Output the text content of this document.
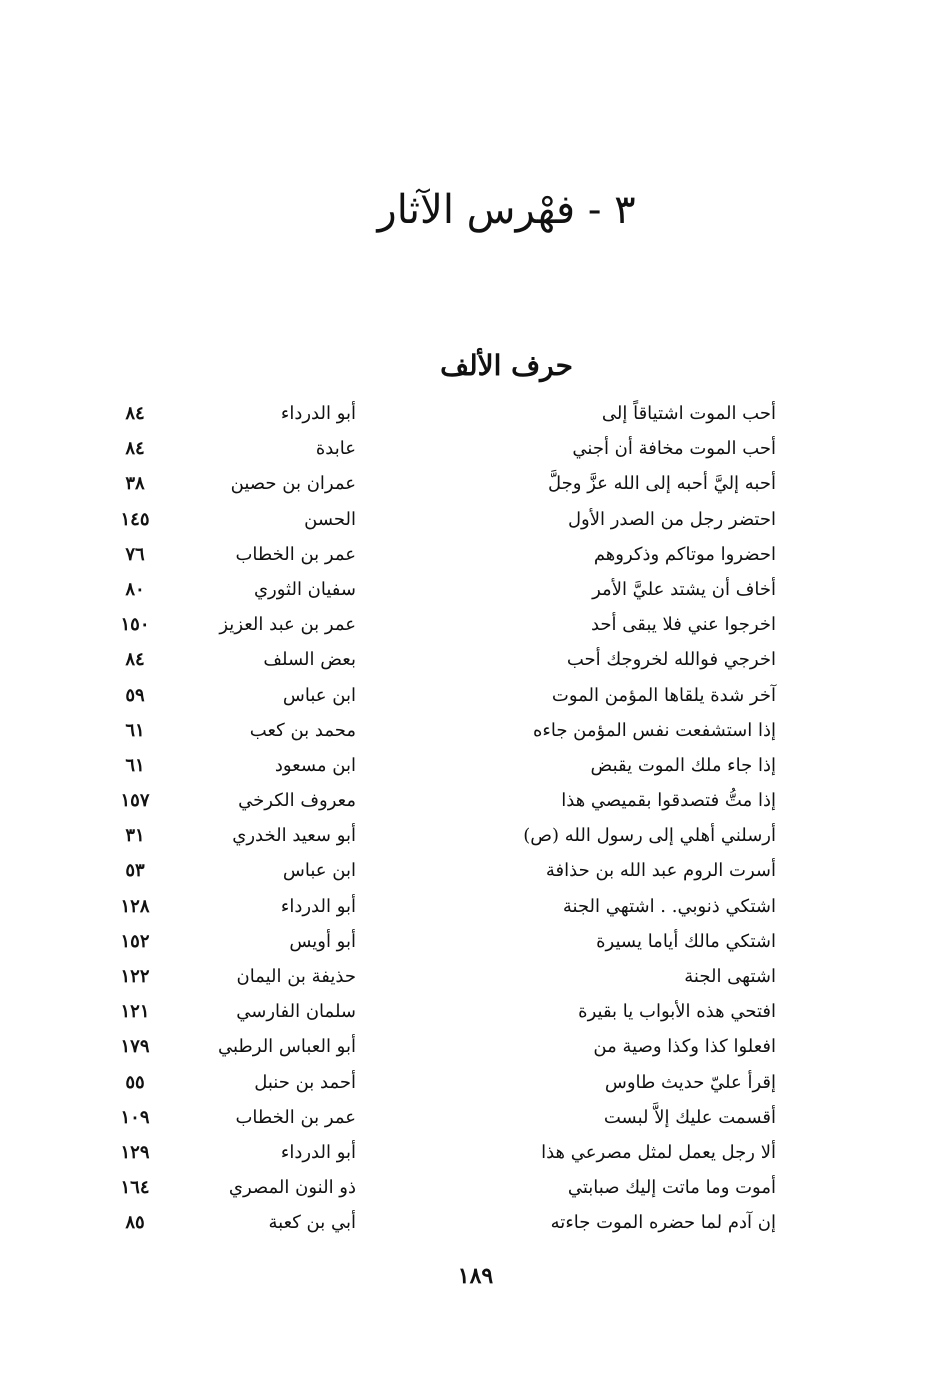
٣ - فهْرس الآثار
حرف الألف
أحب الموت اشتياقاً إلى
أبو الدرداء
٨٤
أحب الموت مخافة أن أجني
عابدة
٨٤
أحبه إليَّ أحبه إلى الله عزَّ وجلَّ
عمران بن حصين
٣٨
احتضر رجل من الصدر الأول
الحسن
١٤٥
احضروا موتاكم وذكروهم
عمر بن الخطاب
٧٦
أخاف أن يشتد عليَّ الأمر
سفيان الثوري
٨٠
اخرجوا عني فلا يبقى أحد
عمر بن عبد العزيز
١٥٠
اخرجي فوالله لخروجك أحب
بعض السلف
٨٤
آخر شدة يلقاها المؤمن الموت
ابن عباس
٥٩
إذا استشفعت نفس المؤمن جاءه
محمد بن كعب
٦١
إذا جاء ملك الموت يقبض
ابن مسعود
٦١
إذا متُّ فتصدقوا بقميصي هذا
معروف الكرخي
١٥٧
أرسلني أهلي إلى رسول الله (ص)
أبو سعيد الخدري
٣١
أسرت الروم عبد الله بن حذافة
ابن عباس
٥٣
اشتكي ذنوبي. . اشتهي الجنة
أبو الدرداء
١٢٨
اشتكي مالك أياما يسيرة
أبو أويس
١٥٢
اشتهى الجنة
حذيفة بن اليمان
١٢٢
افتحي هذه الأبواب يا بقيرة
سلمان الفارسي
١٢١
افعلوا كذا وكذا وصية من
أبو العباس الرطبي
١٧٩
إقرأ عليّ حديث طاوس
أحمد بن حنبل
٥٥
أقسمت عليك إلاَّ لبست
عمر بن الخطاب
١٠٩
ألا رجل يعمل لمثل مصرعي هذا
أبو الدرداء
١٢٩
أموت وما ماتت إليك صبابتي
ذو النون المصري
١٦٤
إن آدم لما حضره الموت جاءته
أبي بن كعبة
٨٥
١٨٩
